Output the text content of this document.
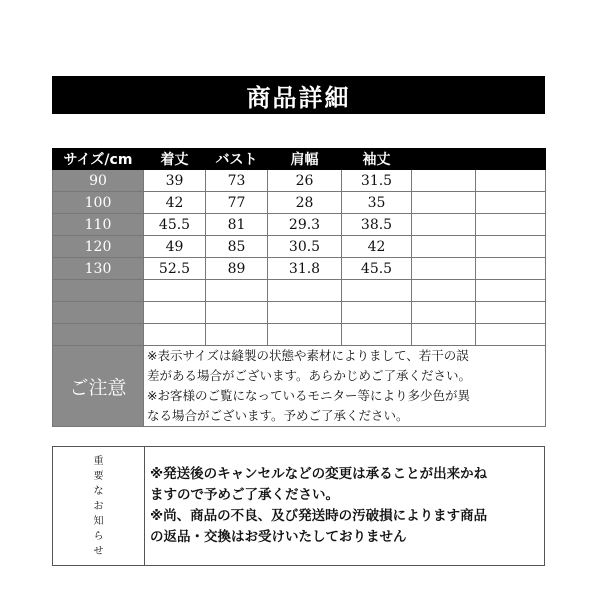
商品詳細
サイズ/cm	着丈	バスト	肩幅	袖丈		
90	39	73	26	31.5		
100	42	77	28	35		
110	45.5	81	29.3	38.5		
120	49	85	30.5	42		
130	52.5	89	31.8	45.5		

ご注意	※表示サイズは縫製の状態や素材によりまして、若干の誤
差がある場合がございます。あらかじめご了承ください。
※お客様のご覧になっているモニター等により多少色が異
なる場合がございます。予めご了承ください。					
重
要
な
お
知
ら
せ
※発送後のキャンセルなどの変更は承ることが出来かね
ますので予めご了承ください。
※尚、商品の不良、及び発送時の汚破損によります商品
の返品・交換はお受けいたしておりません
